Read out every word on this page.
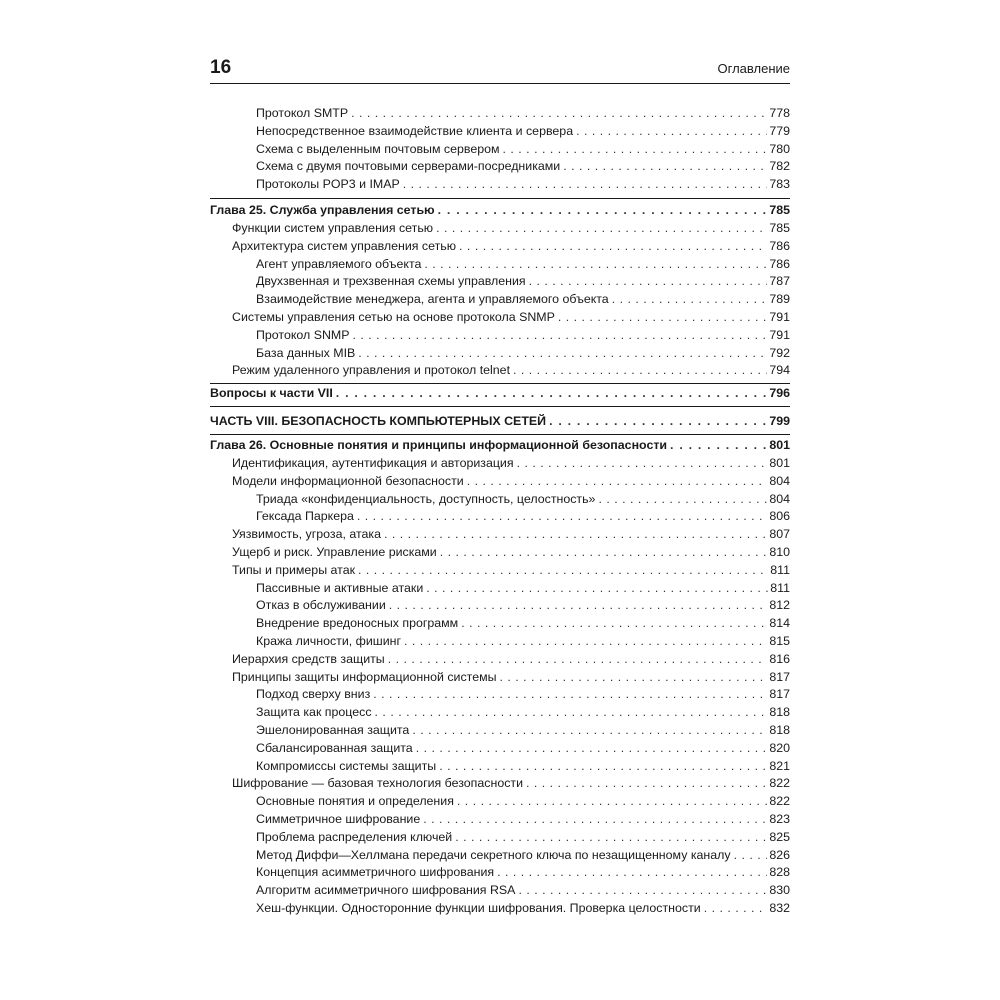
16	Оглавление
Протокол SMTP . . .	778
Непосредственное взаимодействие клиента и сервера . . .	779
Схема с выделенным почтовым сервером . . .	780
Схема с двумя почтовыми серверами-посредниками . . .	782
Протоколы POP3 и IMAP . . .	783
Глава 25. Служба управления сетью . . .	785
Функции систем управления сетью . . .	785
Архитектура систем управления сетью . . .	786
Агент управляемого объекта . . .	786
Двухзвенная и трехзвенная схемы управления . . .	787
Взаимодействие менеджера, агента и управляемого объекта . . .	789
Системы управления сетью на основе протокола SNMP . . .	791
Протокол SNMP . . .	791
База данных MIB . . .	792
Режим удаленного управления и протокол telnet . . .	794
Вопросы к части VII . . .	796
ЧАСТЬ VIII. БЕЗОПАСНОСТЬ КОМПЬЮТЕРНЫХ СЕТЕЙ . . .	799
Глава 26. Основные понятия и принципы информационной безопасности . . .	801
Идентификация, аутентификация и авторизация . . .	801
Модели информационной безопасности . . .	804
Триада «конфиденциальность, доступность, целостность» . . .	804
Гексада Паркера . . .	806
Уязвимость, угроза, атака . . .	807
Ущерб и риск. Управление рисками . . .	810
Типы и примеры атак . . .	811
Пассивные и активные атаки . . .	811
Отказ в обслуживании . . .	812
Внедрение вредоносных программ . . .	814
Кража личности, фишинг . . .	815
Иерархия средств защиты . . .	816
Принципы защиты информационной системы . . .	817
Подход сверху вниз . . .	817
Защита как процесс . . .	818
Эшелонированная защита . . .	818
Сбалансированная защита . . .	820
Компромиссы системы защиты . . .	821
Шифрование — базовая технология безопасности . . .	822
Основные понятия и определения . . .	822
Симметричное шифрование . . .	823
Проблема распределения ключей . . .	825
Метод Диффи—Хеллмана передачи секретного ключа по незащищенному каналу . . .	826
Концепция асимметричного шифрования . . .	828
Алгоритм асимметричного шифрования RSA . . .	830
Хеш-функции. Односторонние функции шифрования. Проверка целостности . . .	832
